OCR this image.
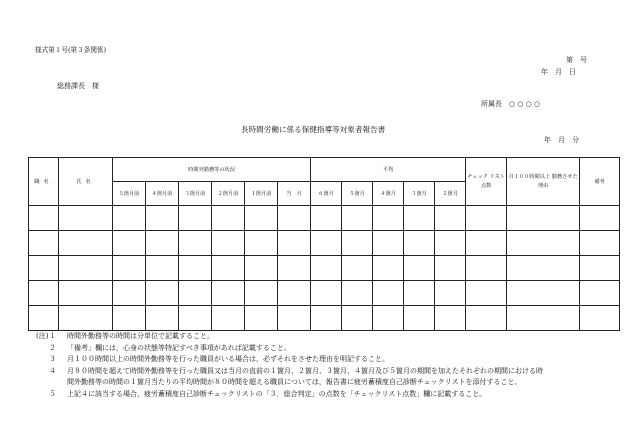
様式第１号(第３条関係)
第　号
年　月　日
総務課長　様
所属長　○ ○ ○ ○
長時間労働に係る保健指導等対象者報告書
年　月　分
職名	氏名	時間外勤務等の状況						平均					チェック リスト点数	月１００時間以上 勤務させた理由	備考
		５箇月前	４箇月前	３箇月前	２箇月前	１箇月前	当　月	６箇月	５箇月	４箇月	３箇月	２箇月			

(注)１ 時間外勤務等の時間は分単位で記載すること。
２ 「備考」欄には，心身の状態等特記すべき事項があれば記載すること。
３ 月１００時間以上の時間外勤務等を行った職員がいる場合は，必ずそれをさせた理由を明記すること。
４ 月８０時間を超えて時間外勤務等を行った職員又は当月の直前の１箇月、２箇月、３箇月、４箇月及び５箇月の期間を加えたそれぞれの期間における時
間外勤務等の時間の１箇月当たりの平均時間が８０時間を超える職員については，報告書に疲労蓄積度自己診断チェックリストを添付すること。
５ 上記４に該当する場合，疲労蓄積度自己診断チェックリストの「３．総合判定」の点数を「チェックリスト点数」欄に記載すること。
